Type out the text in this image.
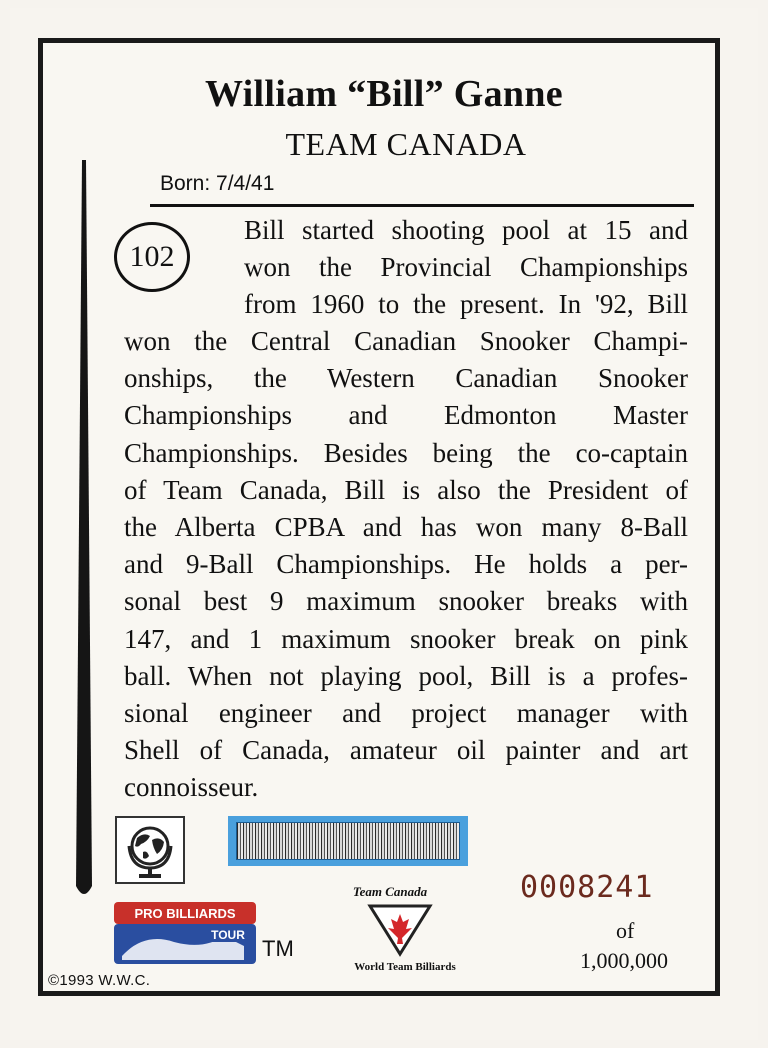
William “Bill” Ganne
TEAM CANADA
Born: 7/4/41
102
Bill started shooting pool at 15 and
won the Provincial Championships
from 1960 to the present. In '92, Bill
won the Central Canadian Snooker Champi-
onships, the Western Canadian Snooker
Championships and Edmonton Master
Championships. Besides being the co-captain
of Team Canada, Bill is also the President of
the Alberta CPBA and has won many 8-Ball
and 9-Ball Championships. He holds a per-
sonal best 9 maximum snooker breaks with
147, and 1 maximum snooker break on pink
ball. When not playing pool, Bill is a profes-
sional engineer and project manager with
Shell of Canada, amateur oil painter and art
connoisseur.
0008241
of
1,000,000
PRO BILLIARDS
TOUR
TM
Team Canada
World Team Billiards
©1993 W.W.C.
